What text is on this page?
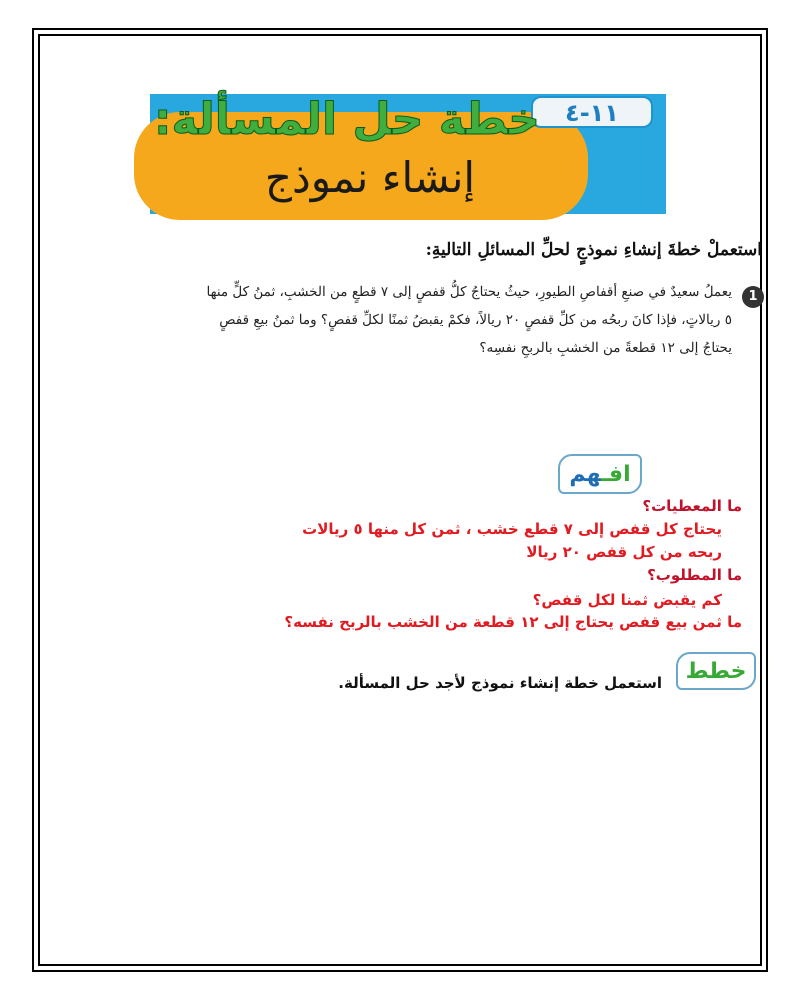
١١-٤
خطة حل المسألة:
إنشاء نموذج
استعملْ خطةَ إنشاءِ نموذجٍ لحلِّ المسائلِ التاليةِ:
1
يعملُ سعيدٌ في صنعِ أقفاصِ الطيورِ، حيثُ يحتاجُ كلُّ قفصٍ إلى ٧ قطعٍ من الخشبِ، ثمنُ كلٍّ منها
٥ ريالاتٍ، فإذا كانَ ربحُه من كلِّ قفصٍ ٢٠ ريالاً، فكمْ يقبضُ ثمنًا لكلِّ قفصٍ؟ وما ثمنُ بيعِ قفصٍ
يحتاجُ إلى ١٢ قطعةً من الخشبِ بالربحِ نفسِه؟
افـهم
ما المعطيات؟
يحتاج كل قفص إلى ٧ قطع خشب ، ثمن كل منها ٥ ريالات
ربحه من كل قفص ٢٠ ريالا
ما المطلوب؟
كم يقبض ثمنا لكل قفص؟
ما ثمن بيع قفص يحتاج إلى ١٢ قطعة من الخشب بالربح نفسه؟
خطط
استعمل خطة إنشاء نموذج لأجد حل المسألة.
